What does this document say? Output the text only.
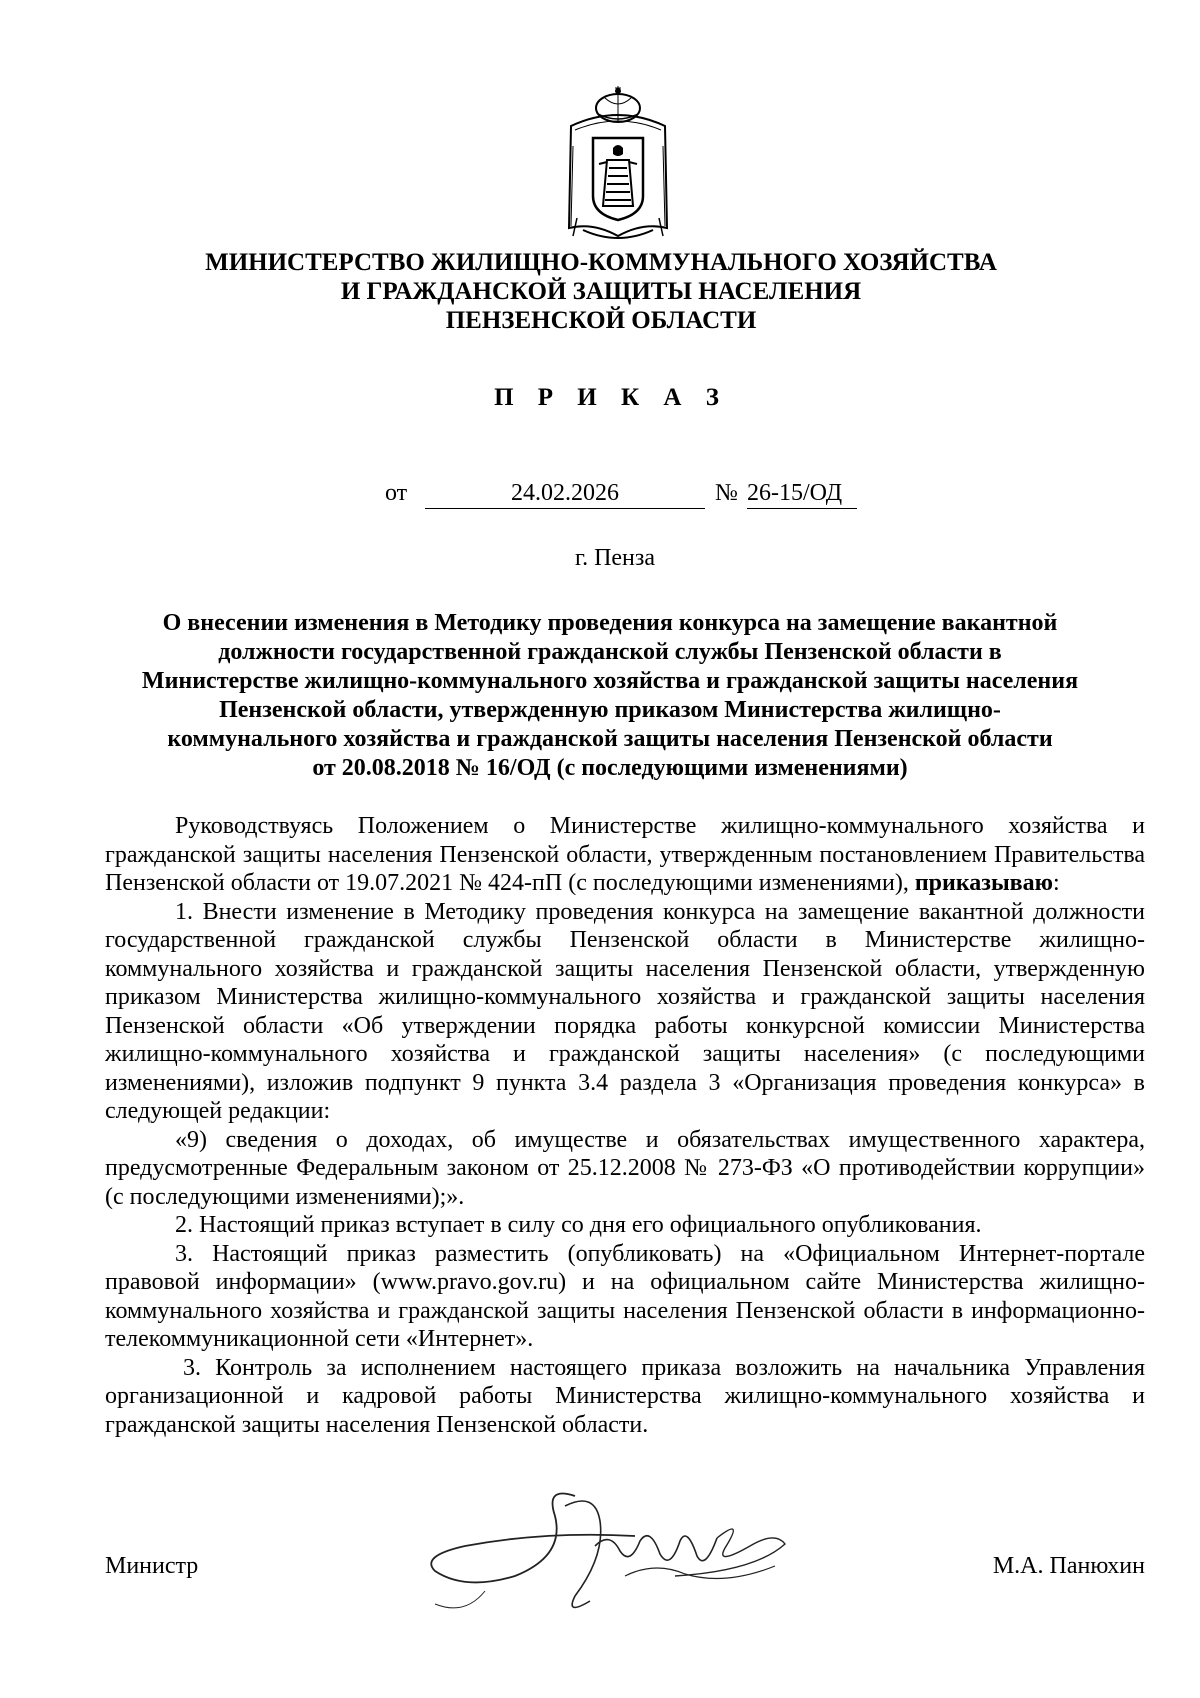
МИНИСТЕРСТВО ЖИЛИЩНО-КОММУНАЛЬНОГО ХОЗЯЙСТВА
И ГРАЖДАНСКОЙ ЗАЩИТЫ НАСЕЛЕНИЯ
ПЕНЗЕНСКОЙ ОБЛАСТИ
П Р И К А З
от	24.02.2026	№ 26-15/ОД
г. Пенза
О внесении изменения в Методику проведения конкурса на замещение вакантной
должности государственной гражданской службы Пензенской области в
Министерстве жилищно-коммунального хозяйства и гражданской защиты населения
Пензенской области, утвержденную приказом Министерства жилищно-
коммунального хозяйства и гражданской защиты населения Пензенской области
от 20.08.2018 № 16/ОД (с последующими изменениями)

Руководствуясь Положением о Министерстве жилищно-коммунального хозяйства и гражданской защиты населения Пензенской области, утвержденным постановлением Правительства Пензенской области от 19.07.2021 № 424-пП (с последующими изменениями), приказываю:

1. Внести изменение в Методику проведения конкурса на замещение вакантной должности государственной гражданской службы Пензенской области в Министерстве жилищно-коммунального хозяйства и гражданской защиты населения Пензенской области, утвержденную приказом Министерства жилищно-коммунального хозяйства и гражданской защиты населения Пензенской области «Об утверждении порядка работы конкурсной комиссии Министерства жилищно-коммунального хозяйства и гражданской защиты населения» (с последующими изменениями), изложив подпункт 9 пункта 3.4 раздела 3 «Организация проведения конкурса» в следующей редакции:

«9) сведения о доходах, об имуществе и обязательствах имущественного характера, предусмотренные Федеральным законом от 25.12.2008 № 273-ФЗ «О противодействии коррупции» (с последующими изменениями);».

2. Настоящий приказ вступает в силу со дня его официального опубликования.

3. Настоящий приказ разместить (опубликовать) на «Официальном Интернет-портале правовой информации» (www.pravo.gov.ru) и на официальном сайте Министерства жилищно-коммунального хозяйства и гражданской защиты населения Пензенской области в информационно-телекоммуникационной сети «Интернет».

3. Контроль за исполнением настоящего приказа возложить на начальника Управления организационной и кадровой работы Министерства жилищно-коммунального хозяйства и гражданской защиты населения Пензенской области.

Министр	М.А. Панюхин
